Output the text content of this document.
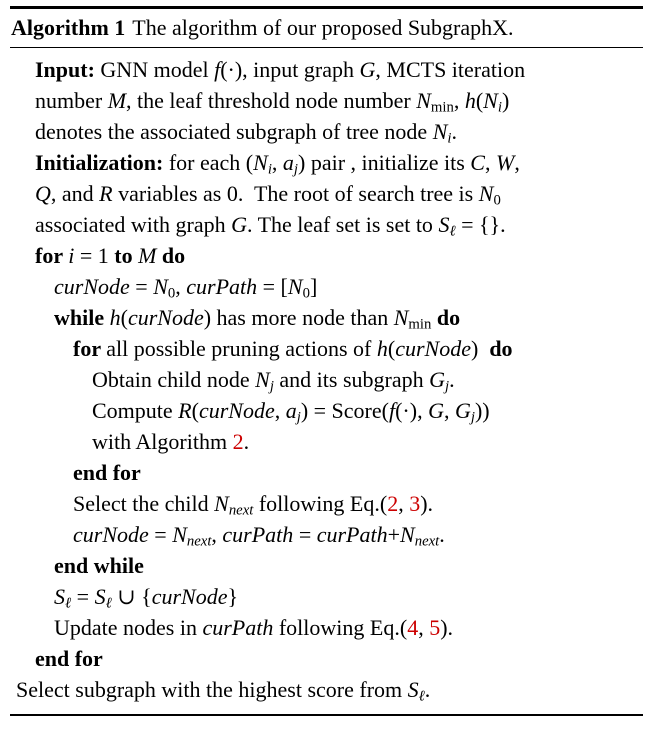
Algorithm 1 The algorithm of our proposed SubgraphX.
Input: GNN model f(·), input graph G, MCTS iteration
number M, the leaf threshold node number $N_{min}$, $h(N_i)$
denotes the associated subgraph of tree node $N_i$.
Initialization: for each ($N_i$, $a_j$) pair , initialize its C, W,
Q, and R variables as 0.  The root of search tree is $N_0$
associated with graph G. The leaf set is set to $S_\ell$ = {}.
for i = 1 to M do
curNode = $N_0$, curPath = $[N_0]$
while h(curNode) has more node than $N_{min}$ do
for all possible pruning actions of h(curNode)  do
Obtain child node $N_j$ and its subgraph $G_j$.
Compute R(curNode, $a_j$) = Score(f(·), G, $G_j$))
with Algorithm 2.
end for
Select the child $N_{next}$ following Eq.(2, 3).
curNode = $N_{next}$, curPath = $curPath+N_{next}$.
end while
$S_\ell = S_\ell$ ∪ {curNode}
Update nodes in curPath following Eq.(4, 5).
end for
Select subgraph with the highest score from $S_\ell$.
